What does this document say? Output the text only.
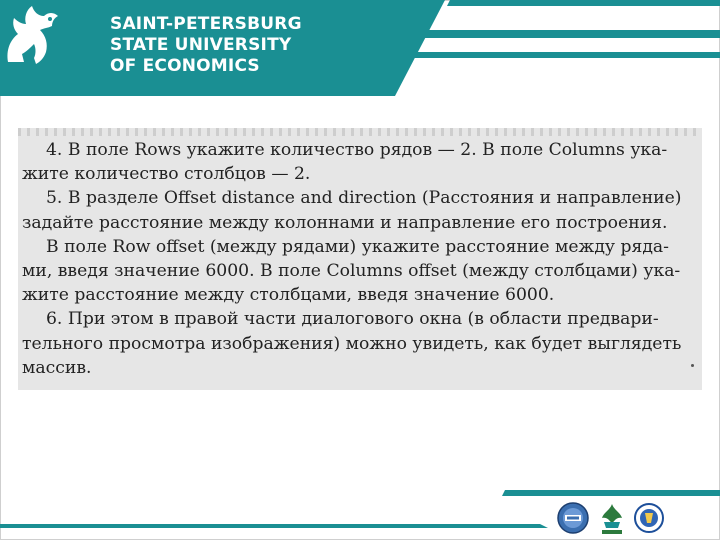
SAINT-PETERSBURG
STATE UNIVERSITY
OF ECONOMICS
4. В поле Rows укажите количество рядов — 2. В поле Columns ука-
жите количество столбцов — 2.
5. В разделе Offset distance and direction (Расстояния и направление)
задайте расстояние между колоннами и направление его построения.
В поле Row offset (между рядами) укажите расстояние между ряда-
ми, введя значение 6000. В поле Columns offset (между столбцами) ука-
жите расстояние между столбцами, введя значение 6000.
6. При этом в правой части диалогового окна (в области предвари-
тельного просмотра изображения) можно увидеть, как будет выглядеть
массив.
